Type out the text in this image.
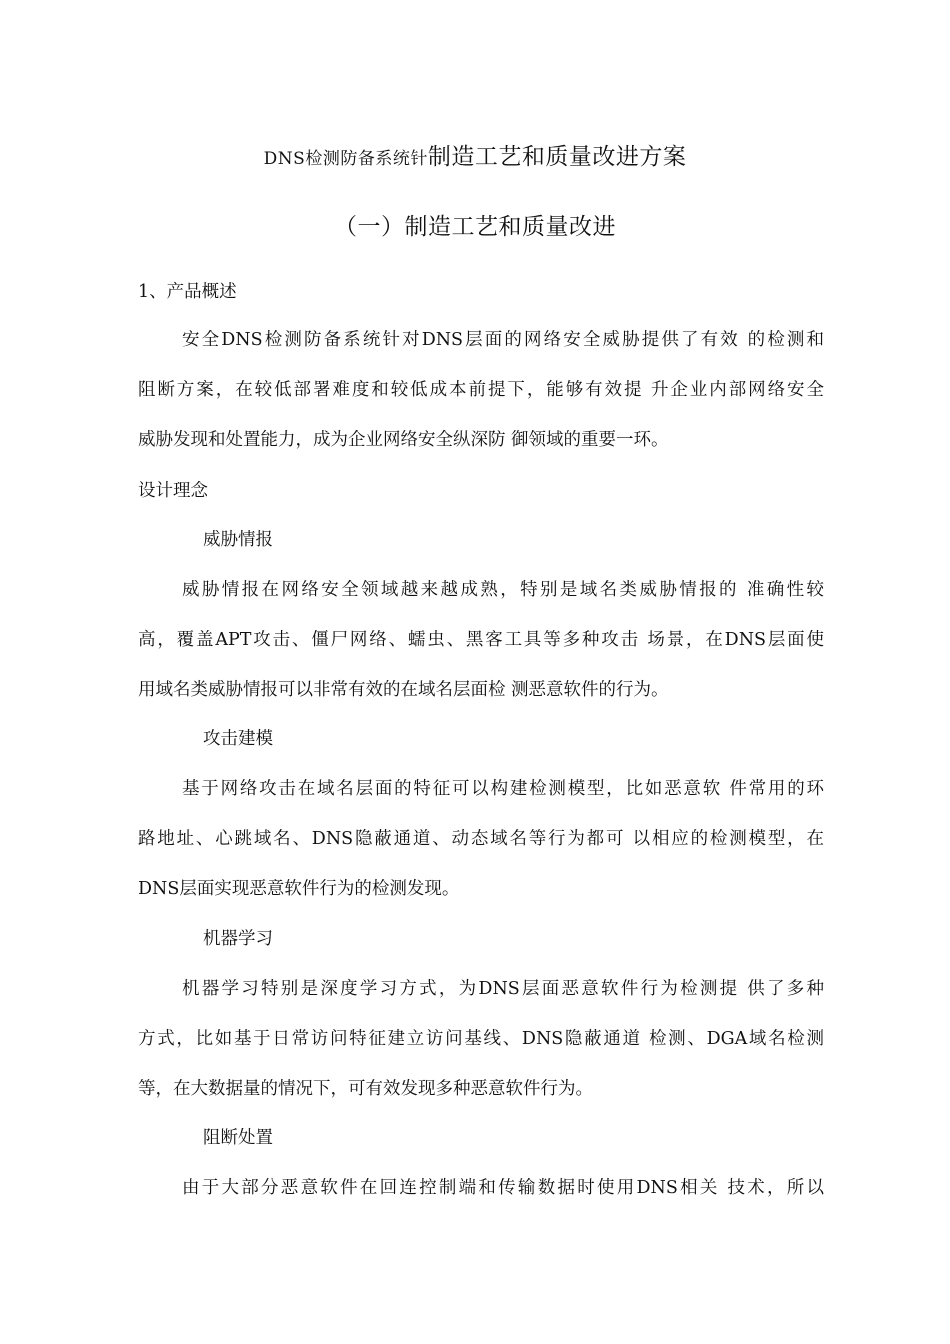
DNS检测防备系统针制造工艺和质量改进方案
（一）制造工艺和质量改进
1、产品概述
安全DNS检测防备系统针对DNS层面的网络安全威胁提供了有效 的检测和
阻断方案，在较低部署难度和较低成本前提下，能够有效提 升企业内部网络安全
威胁发现和处置能力，成为企业网络安全纵深防 御领域的重要一环。
设计理念
威胁情报
威胁情报在网络安全领域越来越成熟，特别是域名类威胁情报的 准确性较
高，覆盖APT攻击、僵尸网络、蠕虫、黑客工具等多种攻击 场景，在DNS层面使
用域名类威胁情报可以非常有效的在域名层面检 测恶意软件的行为。
攻击建模
基于网络攻击在域名层面的特征可以构建检测模型，比如恶意软 件常用的环
路地址、心跳域名、DNS隐蔽通道、动态域名等行为都可 以相应的检测模型，在
DNS层面实现恶意软件行为的检测发现。
机器学习
机器学习特别是深度学习方式，为DNS层面恶意软件行为检测提 供了多种
方式，比如基于日常访问特征建立访问基线、DNS隐蔽通道 检测、DGA域名检测
等，在大数据量的情况下，可有效发现多种恶意软件行为。
阻断处置
由于大部分恶意软件在回连控制端和传输数据时使用DNS相关 技术，所以
